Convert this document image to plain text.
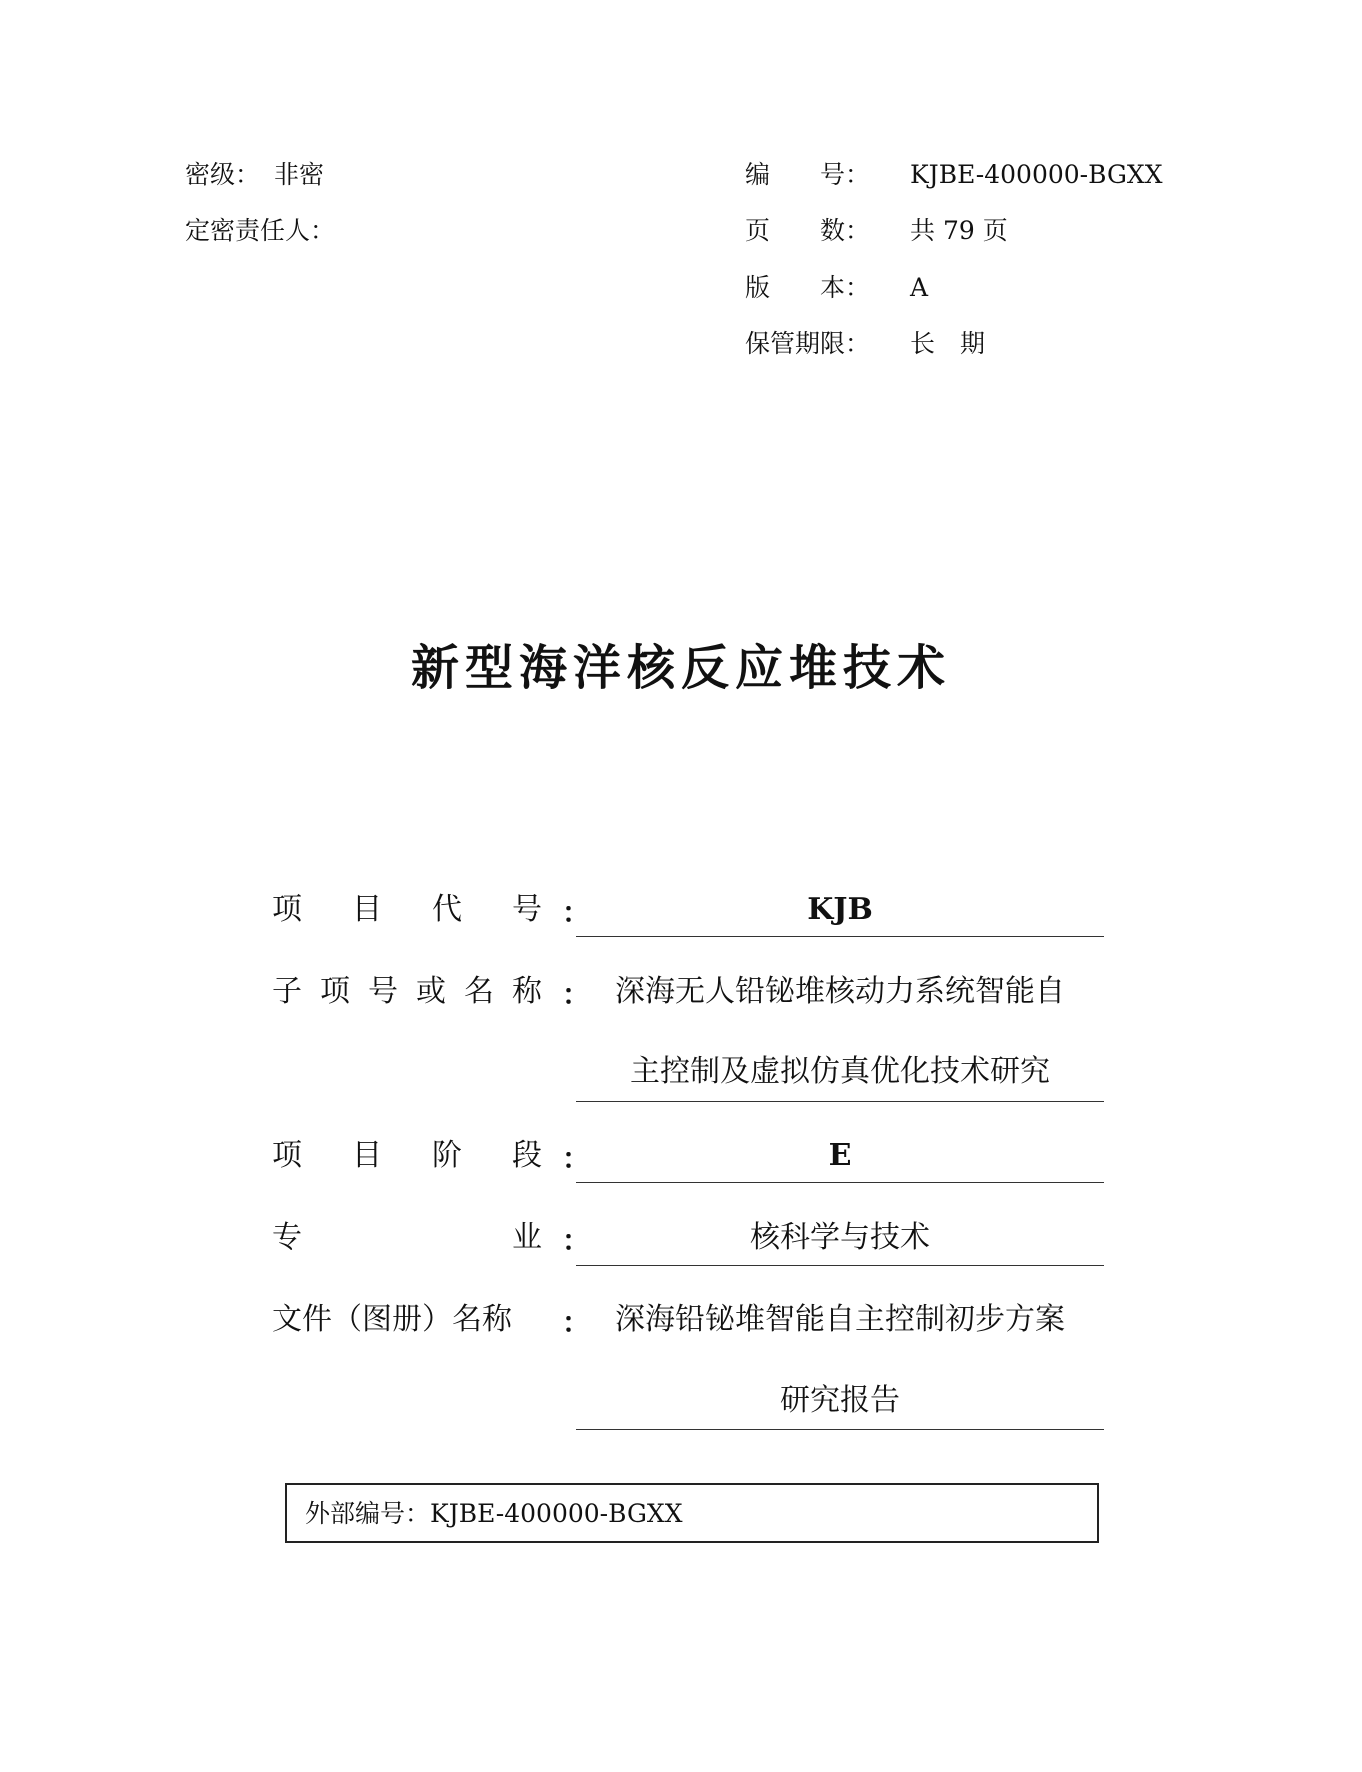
密级： 非密
定密责任人：
编　　号： KJBE-400000-BGXX
页　　数： 共 79 页
版　　本： A
保管期限： 长　期
新型海洋核反应堆技术
项 目 代 号 ：	KJB
子 项 号 或 名 称 ： 深海无人铅铋堆核动力系统智能自
主控制及虚拟仿真优化技术研究
项 目 阶 段 ：	E
专	业 ：	核科学与技术
文件（图册）名称	： 深海铅铋堆智能自主控制初步方案
研究报告
外部编号：KJBE-400000-BGXX
